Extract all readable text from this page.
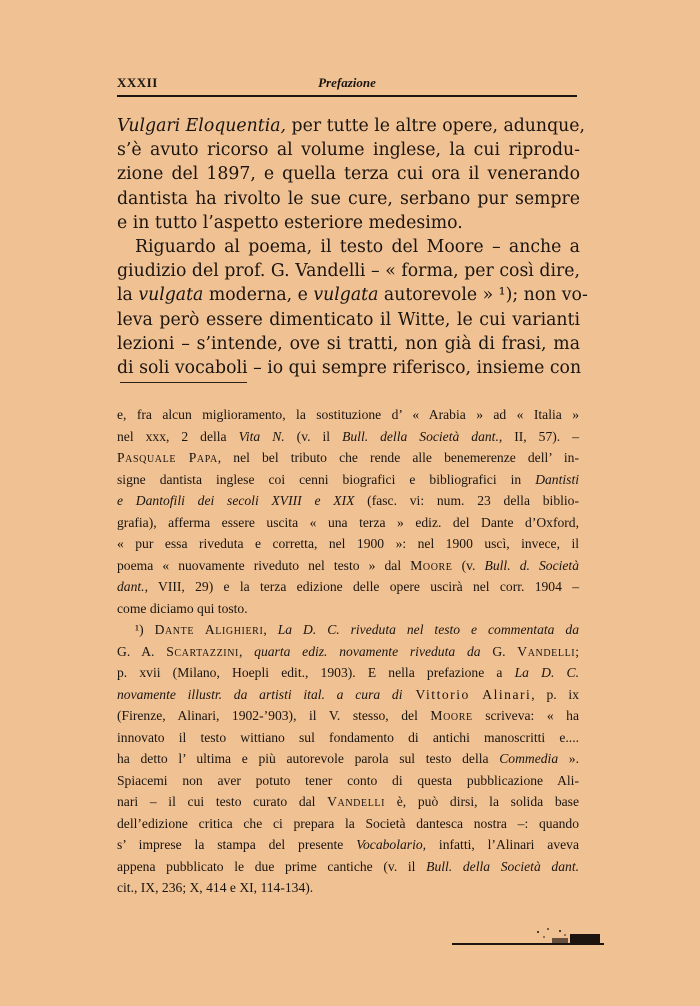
XXXII	Prefazione
Vulgari Eloquentia, per tutte le altre opere, adunque,
s’è avuto ricorso al volume inglese, la cui riprodu-
zione del 1897, e quella terza cui ora il venerando
dantista ha rivolto le sue cure, serbano pur sempre
e in tutto l’aspetto esteriore medesimo.
Riguardo al poema, il testo del Moore – anche a
giudizio del prof. G. Vandelli – « forma, per così dire,
la vulgata moderna, e vulgata autorevole » ¹); non vo-
leva però essere dimenticato il Witte, le cui varianti
lezioni – s’intende, ove si tratti, non già di frasi, ma
di soli vocaboli – io qui sempre riferisco, insieme con
e, fra alcun miglioramento, la sostituzione d’ « Arabia » ad « Italia »
nel xxx, 2 della Vita N. (v. il Bull. della Società dant., II, 57). –
Pasquale Papa, nel bel tributo che rende alle benemerenze dell’ in-
signe dantista inglese coi cenni biografici e bibliografici in Dantisti
e Dantofili dei secoli XVIII e XIX (fasc. vi: num. 23 della biblio-
grafia), afferma essere uscita « una terza » ediz. del Dante d’Oxford,
« pur essa riveduta e corretta, nel 1900 »: nel 1900 uscì, invece, il
poema « nuovamente riveduto nel testo » dal Moore (v. Bull. d. Società
dant., VIII, 29) e la terza edizione delle opere uscirà nel corr. 1904 –
come diciamo qui tosto.
¹) Dante Alighieri, La D. C. riveduta nel testo e commentata da
G. A. Scartazzini, quarta ediz. novamente riveduta da G. Vandelli;
p. xvii (Milano, Hoepli edit., 1903). E nella prefazione a La D. C.
novamente illustr. da artisti ital. a cura di Vittorio Alinari, p. ix
(Firenze, Alinari, 1902-’903), il V. stesso, del Moore scriveva: « ha
innovato il testo wittiano sul fondamento di antichi manoscritti e....
ha detto l’ ultima e più autorevole parola sul testo della Commedia ».
Spiacemi non aver potuto tener conto di questa pubblicazione Ali-
nari – il cui testo curato dal Vandelli è, può dirsi, la solida base
dell’edizione critica che ci prepara la Società dantesca nostra –: quando
s’ imprese la stampa del presente Vocabolario, infatti, l’Alinari aveva
appena pubblicato le due prime cantiche (v. il Bull. della Società dant.
cit., IX, 236; X, 414 e XI, 114-134).
